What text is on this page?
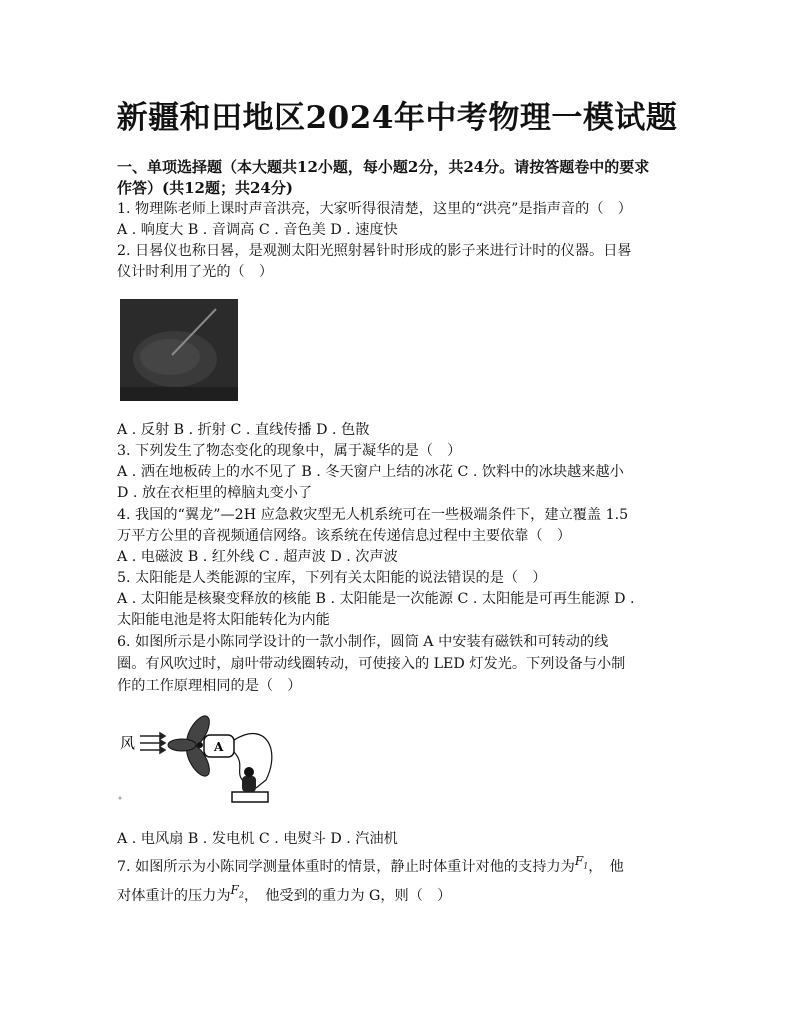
新疆和田地区2024年中考物理一模试题
一、单项选择题（本大题共12小题，每小题2分，共24分。请按答题卷中的要求
作答）(共12题；共24分)
1. 物理陈老师上课时声音洪亮，大家听得很清楚，这里的“洪亮”是指声音的（　）
A . 响度大 B . 音调高 C . 音色美 D . 速度快
2. 日晷仪也称日晷，是观测太阳光照射晷针时形成的影子来进行计时的仪器。日晷
仪计时利用了光的（　）
A . 反射 B . 折射 C . 直线传播 D . 色散
3. 下列发生了物态变化的现象中，属于凝华的是（　）
A . 洒在地板砖上的水不见了 B . 冬天窗户上结的冰花 C . 饮料中的冰块越来越小
D . 放在衣柜里的樟脑丸变小了
4. 我国的“翼龙”—2H 应急救灾型无人机系统可在一些极端条件下，建立覆盖 1.5
万平方公里的音视频通信网络。该系统在传递信息过程中主要依靠（　）
A . 电磁波 B . 红外线 C . 超声波 D . 次声波
5. 太阳能是人类能源的宝库，下列有关太阳能的说法错误的是（　）
A . 太阳能是核聚变释放的核能 B . 太阳能是一次能源 C . 太阳能是可再生能源 D .
太阳能电池是将太阳能转化为内能
6. 如图所示是小陈同学设计的一款小制作，圆筒 A 中安装有磁铁和可转动的线
圈。有风吹过时，扇叶带动线圈转动，可使接入的 LED 灯发光。下列设备与小制
作的工作原理相同的是（　）
风	A
A . 电风扇 B . 发电机 C . 电熨斗 D . 汽油机
7. 如图所示为小陈同学测量体重时的情景，静止时体重计对他的支持力为$^{F_1}$，　他
对体重计的压力为$^{F_2}$，　他受到的重力为 G，则（　）
